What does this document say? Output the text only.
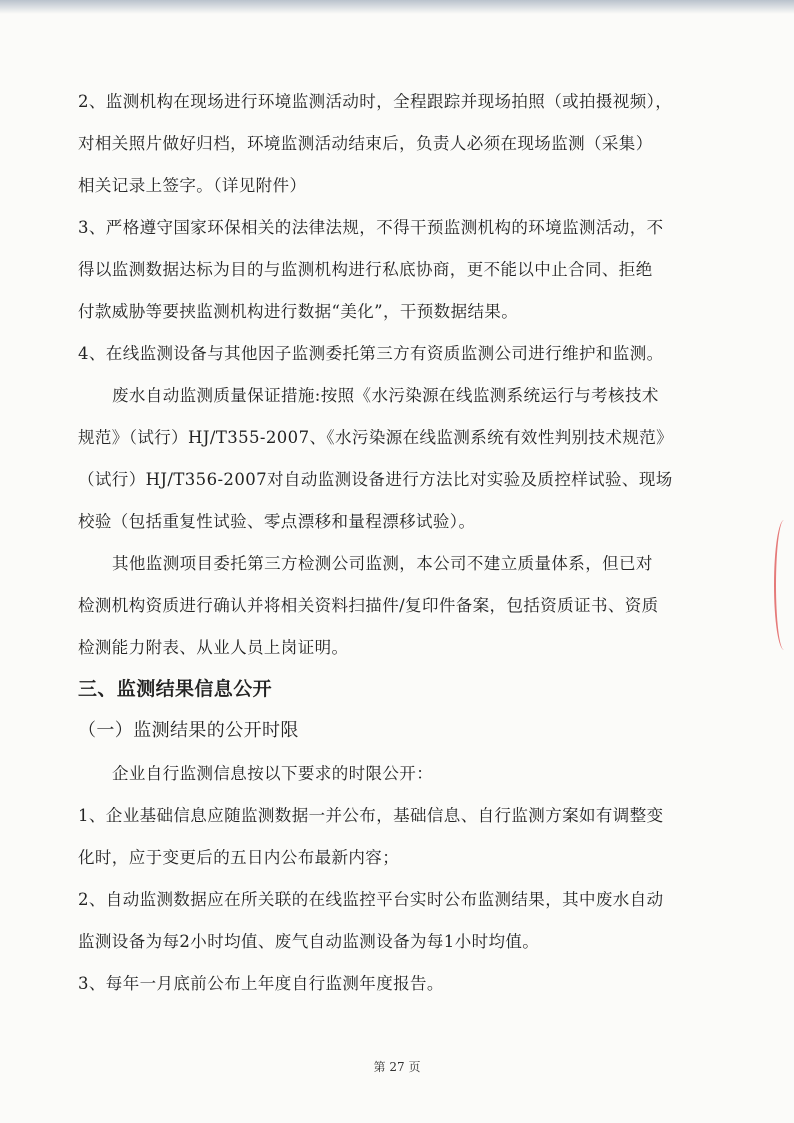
2、监测机构在现场进行环境监测活动时，全程跟踪并现场拍照（或拍摄视频），
对相关照片做好归档，环境监测活动结束后，负责人必须在现场监测（采集）
相关记录上签字。（详见附件）
3、严格遵守国家环保相关的法律法规，不得干预监测机构的环境监测活动，不
得以监测数据达标为目的与监测机构进行私底协商，更不能以中止合同、拒绝
付款威胁等要挟监测机构进行数据“美化”，干预数据结果。
4、在线监测设备与其他因子监测委托第三方有资质监测公司进行维护和监测。
废水自动监测质量保证措施:按照《水污染源在线监测系统运行与考核技术
规范》（试行）HJ/T355-2007、《水污染源在线监测系统有效性判别技术规范》
（试行）HJ/T356-2007对自动监测设备进行方法比对实验及质控样试验、现场
校验（包括重复性试验、零点漂移和量程漂移试验）。
其他监测项目委托第三方检测公司监测，本公司不建立质量体系，但已对
检测机构资质进行确认并将相关资料扫描件/复印件备案，包括资质证书、资质
检测能力附表、从业人员上岗证明。
三、监测结果信息公开
（一）监测结果的公开时限
企业自行监测信息按以下要求的时限公开：
1、企业基础信息应随监测数据一并公布，基础信息、自行监测方案如有调整变
化时，应于变更后的五日内公布最新内容；
2、自动监测数据应在所关联的在线监控平台实时公布监测结果，其中废水自动
监测设备为每2小时均值、废气自动监测设备为每1小时均值。
3、每年一月底前公布上年度自行监测年度报告。
第 27 页
